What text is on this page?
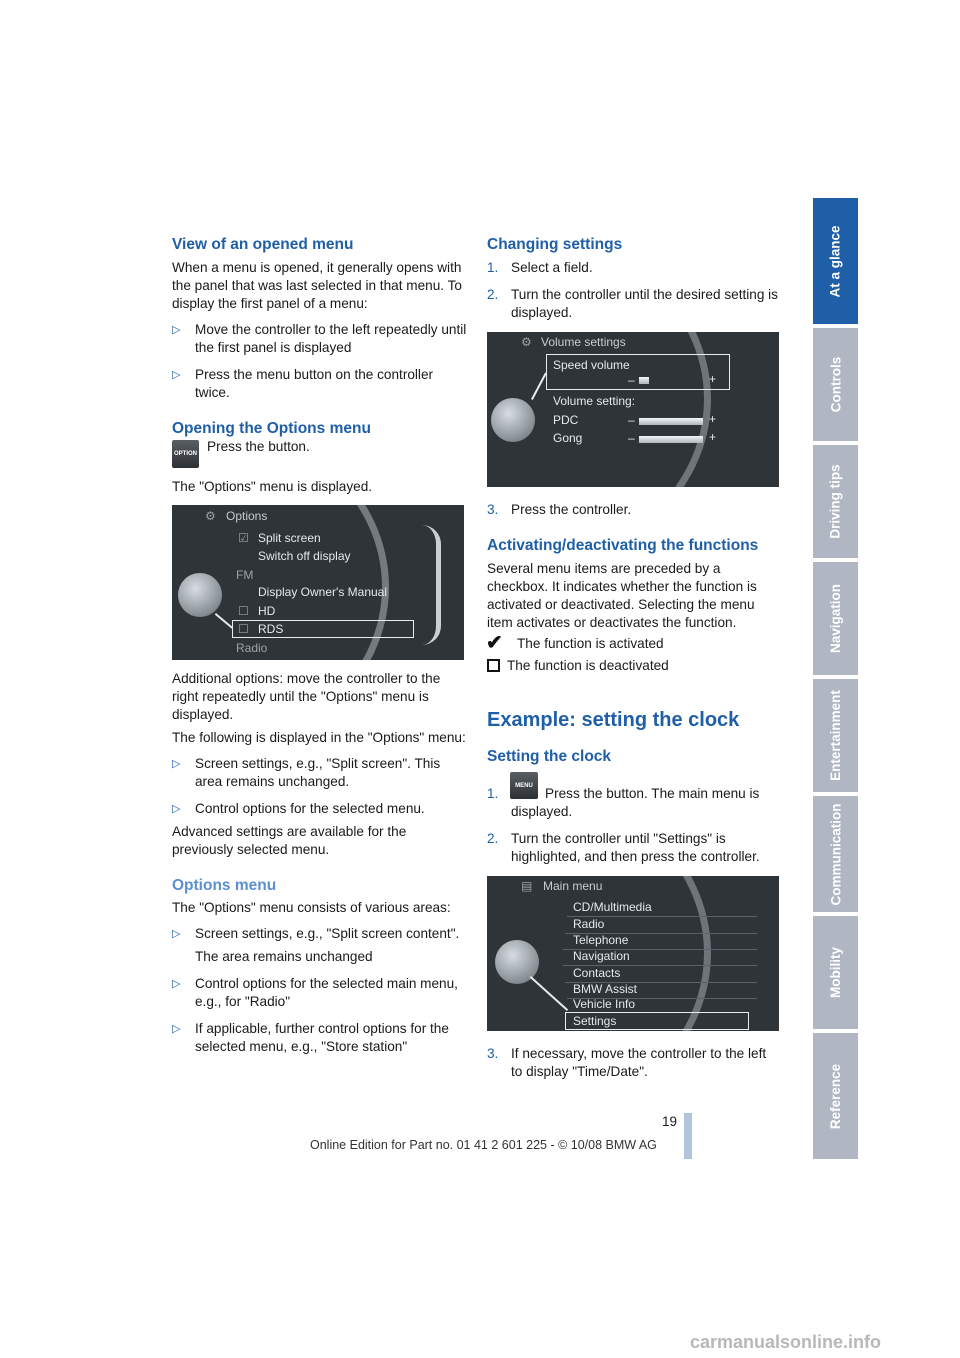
At a glance
Controls
Driving tips
Navigation
Entertainment
Communication
Mobility
Reference
View of an opened menu

When a menu is opened, it generally opens with the panel that was last selected in that menu. To display the first panel of a menu:

▷ Move the controller to the left repeatedly until the first panel is displayed
▷ Press the menu button on the controller twice.
Opening the Options menu
OPTION Press the button.

The "Options" menu is displayed.

⚙ Options
☑ Split screen
Switch off display
FM
Display Owner's Manual
☐ HD
☐ RDS
Radio

Additional options: move the controller to the right repeatedly until the "Options" menu is displayed.

The following is displayed in the "Options" menu:

▷ Screen settings, e.g., "Split screen". This area remains unchanged.
▷ Control options for the selected menu.

Advanced settings are available for the previously selected menu.

Options menu

The "Options" menu consists of various areas:

▷ Screen settings, e.g., "Split screen content".

The area remains unchanged

▷ Control options for the selected main menu, e.g., for "Radio"
▷ If applicable, further control options for the selected menu, e.g., "Store station"
Changing settings
1. Select a field.
2. Turn the controller until the desired setting is displayed.
⚙ Volume settings
Speed volume
–	+
Volume setting:
PDC	–	+
Gong	–	+
3. Press the controller.
Activating/deactivating the functions

Several menu items are preceded by a checkbox. It indicates whether the function is activated or deactivated. Selecting the menu item activates or deactivates the function.

✔ The function is activated

The function is deactivated

Example: setting the clock
Setting the clock
1.	Press the button. The main menu is displayed.
2. Turn the controller until "Settings" is highlighted, and then press the controller.
MENU
▤ Main menu
CD/Multimedia
Radio
Telephone
Navigation
Contacts
BMW Assist
Vehicle Info
Settings
3. If necessary, move the controller to the left to display "Time/Date".
19
Online Edition for Part no. 01 41 2 601 225 - © 10/08 BMW AG
carmanualsonline.info
